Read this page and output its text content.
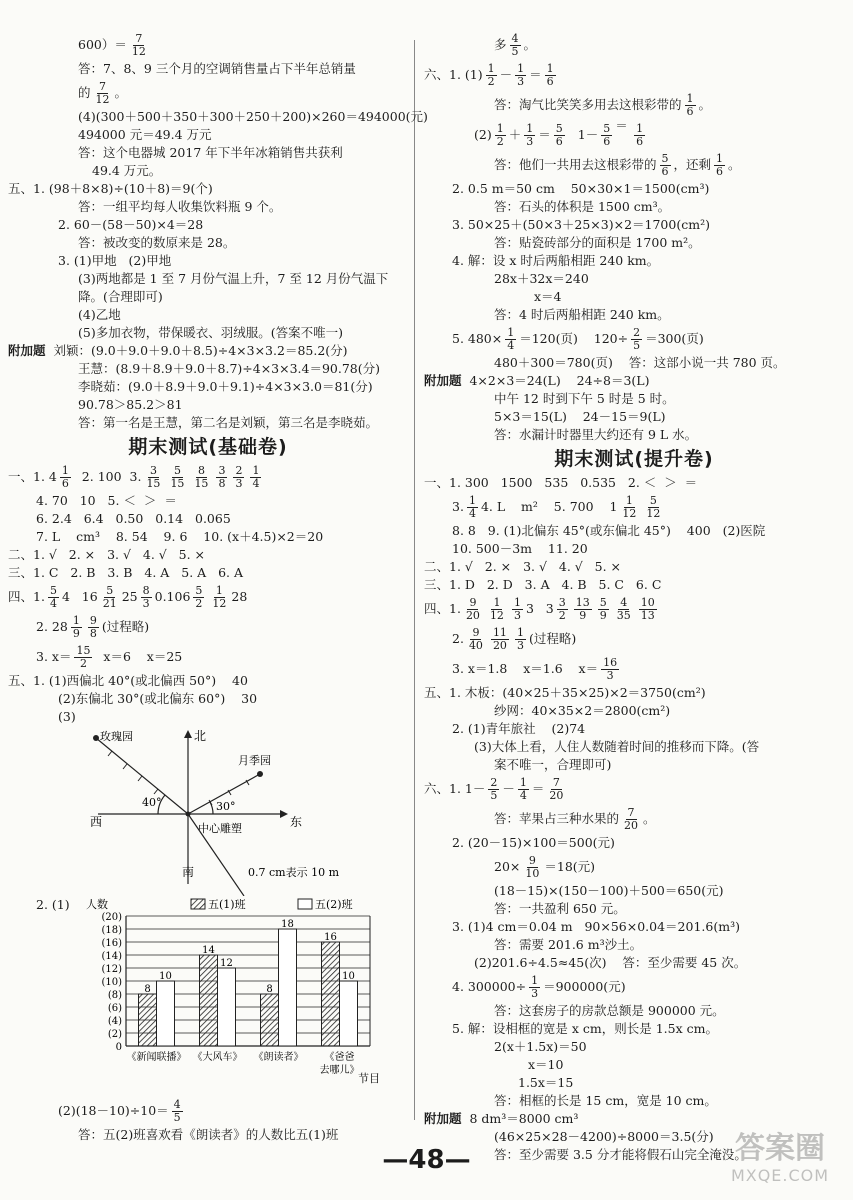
$600)= \frac{7}{12}$
答：7、8、9 三个月的空调销售量占下半年总销量
的 $\frac{7}{12}$ 。
(4)(300＋500＋350＋300＋250＋200)×260＝494000(元)
494000 元＝49.4 万元
答：这个电器城 2017 年下半年冰箱销售共获利
49.4 万元。
五、1. (98＋8×8)÷(10＋8)＝9(个)
答：一组平均每人收集饮料瓶 9 个。
2. 60－(58－50)×4＝28
答：被改变的数原来是 28。
3. (1)甲地   (2)甲地
(3)两地都是 1 至 7 月份气温上升，7 至 12 月份气温下
降。(合理即可)
(4)乙地
(5)多加衣物，带保暖衣、羽绒服。(答案不唯一)
附加题  刘颖：(9.0＋9.0＋9.0＋8.5)÷4×3×3.2＝85.2(分)
王慧：(8.9＋8.9＋9.0＋8.7)÷4×3×3.4＝90.78(分)
李晓茹：(9.0＋8.9＋9.0＋9.1)÷4×3×3.0＝81(分)
90.78＞85.2＞81
答：第一名是王慧，第二名是刘颖，第三名是李晓茹。
期末测试(基础卷)
一、1. $4 \frac{1}{6} 2$. 100  3. $\frac{3}{15} \frac{5}{15} \frac{8}{15} \frac{3}{8} \frac{2}{3} \frac{1}{4}$
4. 70   10   5. ＜  ＞  ＝
6. 2.4   6.4   0.50   0.14   0.065
7. L    cm³    8. 54    9. 6    10. (x＋4.5)×2＝20
二、1. √   2. ×   3. √   4. √   5. ×
三、1. C   2. B   3. B   4. A   5. A   6. A
四、1. $\frac{5}{4} 4$   $16 \frac{5}{21} 25 \frac{8}{3} 0.106 \frac{5}{2} \frac{1}{12} 28$
2. $28 \frac{1}{9} \frac{9}{8}$ (过程略)
3. $x= \frac{15}{2} x=6$    x＝25
五、1. (1)西偏北 40°(或北偏西 50°)    40
(2)东偏北 30°(或北偏东 60°)    30
(3)
北
西	东
南
玫瑰园
月季园
中心雕塑
40°	30°
0.7 cm表示 10 m
2. (1)
(20)
(18)
(16)
(14)
(12)
(10)
(8)
(6)
(4)
(2)
0
8
10
《新闻联播》
14
12
《大风车》
8
18
《朗读者》
16
10
《爸爸
去哪儿》
人数
节目
五(1)班	五(2)班
$(2)(18-10)\div 10= \frac{4}{5}$
答：五(2)班喜欢看《朗读者》的人数比五(1)班
多 $\frac{4}{5}$ 。
六、1. $(1) \frac{1}{2} - \frac{1}{3} = \frac{1}{6}$
答：淘气比笑笑多用去这根彩带的 $\frac{1}{6}$ 。
$(2) \frac{1}{2} + \frac{1}{3} = \frac{5}{6} 1- \frac{5}{6}$ ＝
$\frac{1}{6}$
答：他们一共用去这根彩带的 $\frac{5}{6}$ ，还剩 $\frac{1}{6}$ 。
2. 0.5 m＝50 cm    50×30×1＝1500(cm³)
答：石头的体积是 1500 cm³。
3. 50×25＋(50×3＋25×3)×2＝1700(cm²)
答：贴瓷砖部分的面积是 1700 m²。
4. 解：设 x 时后两船相距 240 km。
28x＋32x＝240
x＝4
答：4 时后两船相距 240 km。
5. $480\times \frac{1}{4} =120$(页)    $120\div \frac{2}{5} =300$(页)
480＋300＝780(页)    答：这部小说一共 780 页。
附加题  4×2×3＝24(L)    24÷8＝3(L)
中午 12 时到下午 5 时是 5 时。
5×3＝15(L)    24－15＝9(L)
答：水漏计时器里大约还有 9 L 水。
期末测试(提升卷)
一、1. 300   1500   535   0.535   2. ＜  ＞  ＝
3. $\frac{1}{4} 4$. L    m²    5. 700    $1 \frac{1}{12} \frac{5}{12}$
8. 8   9. (1)北偏东 45°(或东偏北 45°)    400   (2)医院
10. 500－3m    11. 20
二、1. √   2. ×   3. √   4. √   5. ×
三、1. D   2. D   3. A   4. B   5. C   6. C
四、1. $\frac{9}{20} \frac{1}{12} \frac{1}{3} 3$   $3 \frac{3}{2} \frac{13}{9} \frac{5}{9} \frac{4}{35} \frac{10}{13}$
2. $\frac{9}{40} \frac{11}{20} \frac{1}{3}$ (过程略)
3. x＝1.8    x＝1.6    $x= \frac{16}{3}$
五、1. 木板：(40×25＋35×25)×2＝3750(cm²)
纱网：40×35×2＝2800(cm²)
2. (1)青年旅社    (2)74
(3)大体上看，人住人数随着时间的推移而下降。(答
案不唯一，合理即可)
六、1. $1- \frac{2}{5} - \frac{1}{4} = \frac{7}{20}$
答：苹果占三种水果的 $\frac{7}{20}$ 。
2. (20－15)×100＝500(元)
$20\times \frac{9}{10} =18$(元)
(18－15)×(150－100)＋500＝650(元)
答：一共盈利 650 元。
3. (1)4 cm＝0.04 m   90×56×0.04＝201.6(m³)
答：需要 201.6 m³沙土。
(2)201.6÷4.5≈45(次)    答：至少需要 45 次。
4. $300000\div \frac{1}{3} =900000$(元)
答：这套房子的房款总额是 900000 元。
5. 解：设相框的宽是 x cm，则长是 1.5x cm。
2(x＋1.5x)＝50
x＝10
1.5x＝15
答：相框的长是 15 cm，宽是 10 cm。
附加题  8 dm³＝8000 cm³
(46×25×28－4200)÷8000＝3.5(分)
答：至少需要 3.5 分才能将假石山完全淹没。
—48—	答案圈
MXQE.COM
